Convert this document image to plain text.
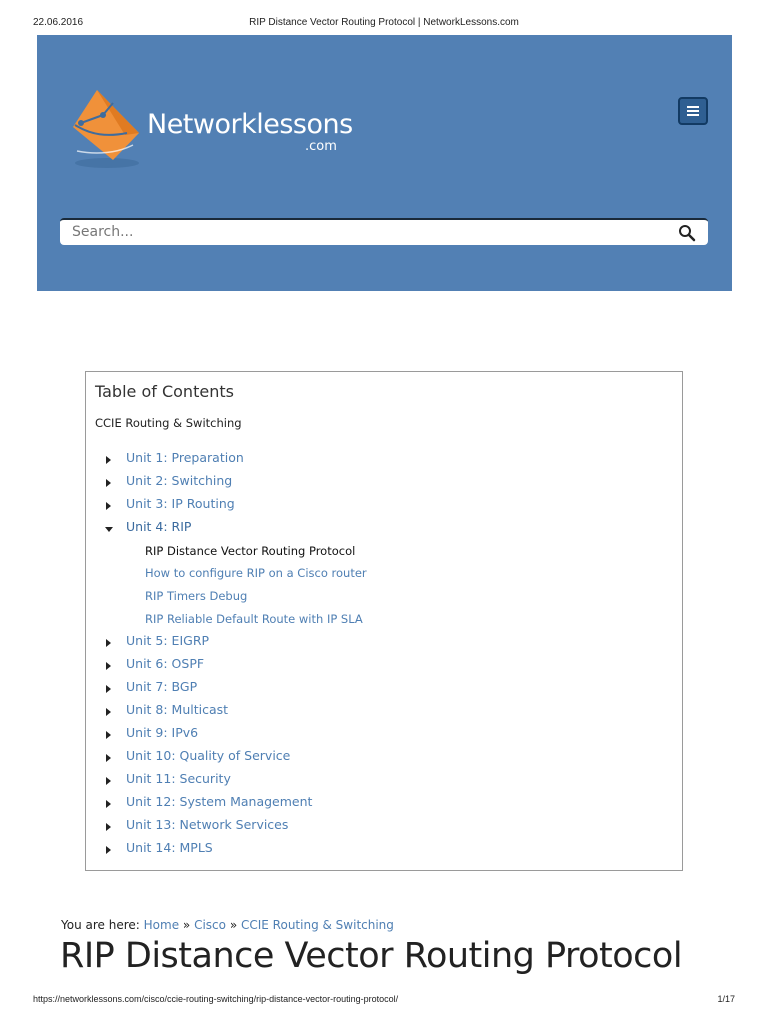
22.06.2016	RIP Distance Vector Routing Protocol | NetworkLessons.com
Networklessons
.com
Search...
Table of Contents
CCIE Routing & Switching
Unit 1: Preparation
Unit 2: Switching
Unit 3: IP Routing
Unit 4: RIP
RIP Distance Vector Routing Protocol
How to configure RIP on a Cisco router
RIP Timers Debug
RIP Reliable Default Route with IP SLA
Unit 5: EIGRP
Unit 6: OSPF
Unit 7: BGP
Unit 8: Multicast
Unit 9: IPv6
Unit 10: Quality of Service
Unit 11: Security
Unit 12: System Management
Unit 13: Network Services
Unit 14: MPLS
You are here: Home » Cisco » CCIE Routing & Switching
RIP Distance Vector Routing Protocol
https://networklessons.com/cisco/ccie-routing-switching/rip-distance-vector-routing-protocol/	1/17
